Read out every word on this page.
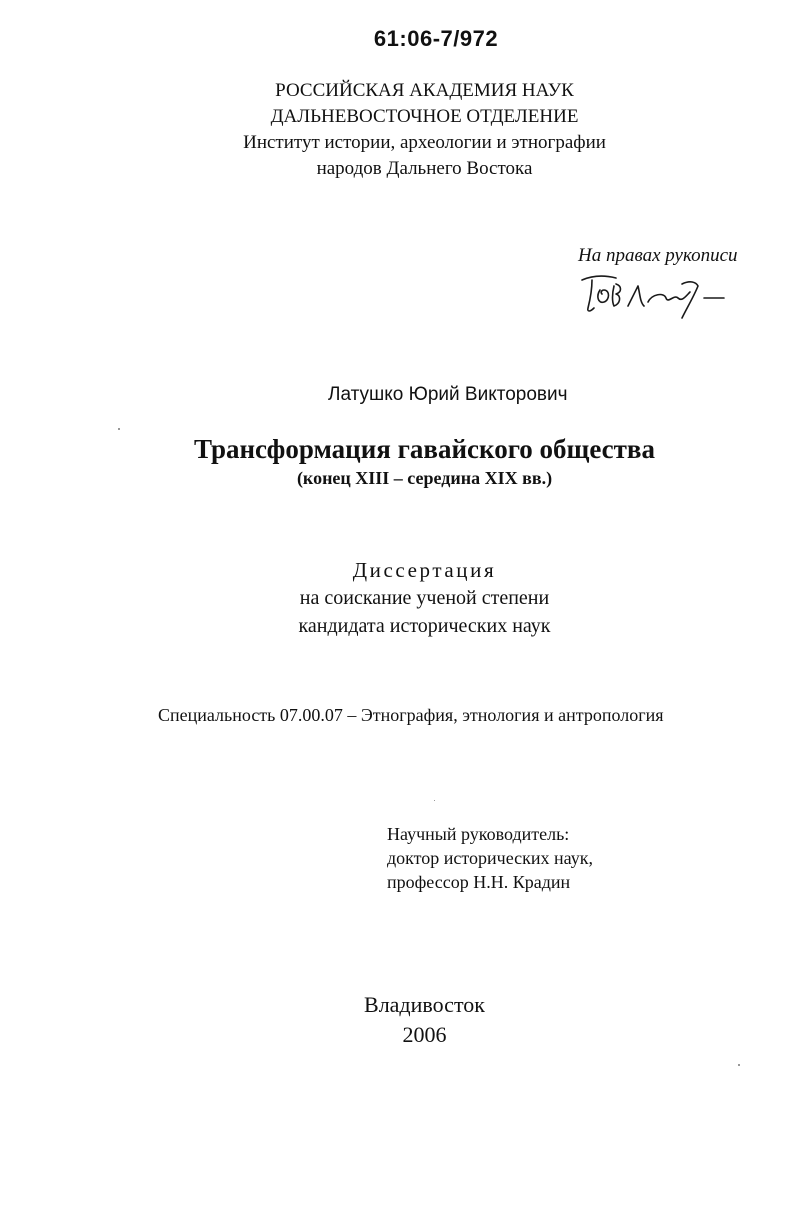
61:06-7/972
РОССИЙСКАЯ АКАДЕМИЯ НАУК
ДАЛЬНЕВОСТОЧНОЕ ОТДЕЛЕНИЕ
Институт истории, археологии и этнографии
народов Дальнего Востока
На правах рукописи
Латушко Юрий Викторович
Трансформация гавайского общества
(конец XIII – середина XIX вв.)
Диссертация
на соискание ученой степени
кандидата исторических наук
Специальность 07.00.07 – Этнография, этнология и антропология
Научный руководитель:
доктор исторических наук,
профессор Н.Н. Крадин
Владивосток
2006
